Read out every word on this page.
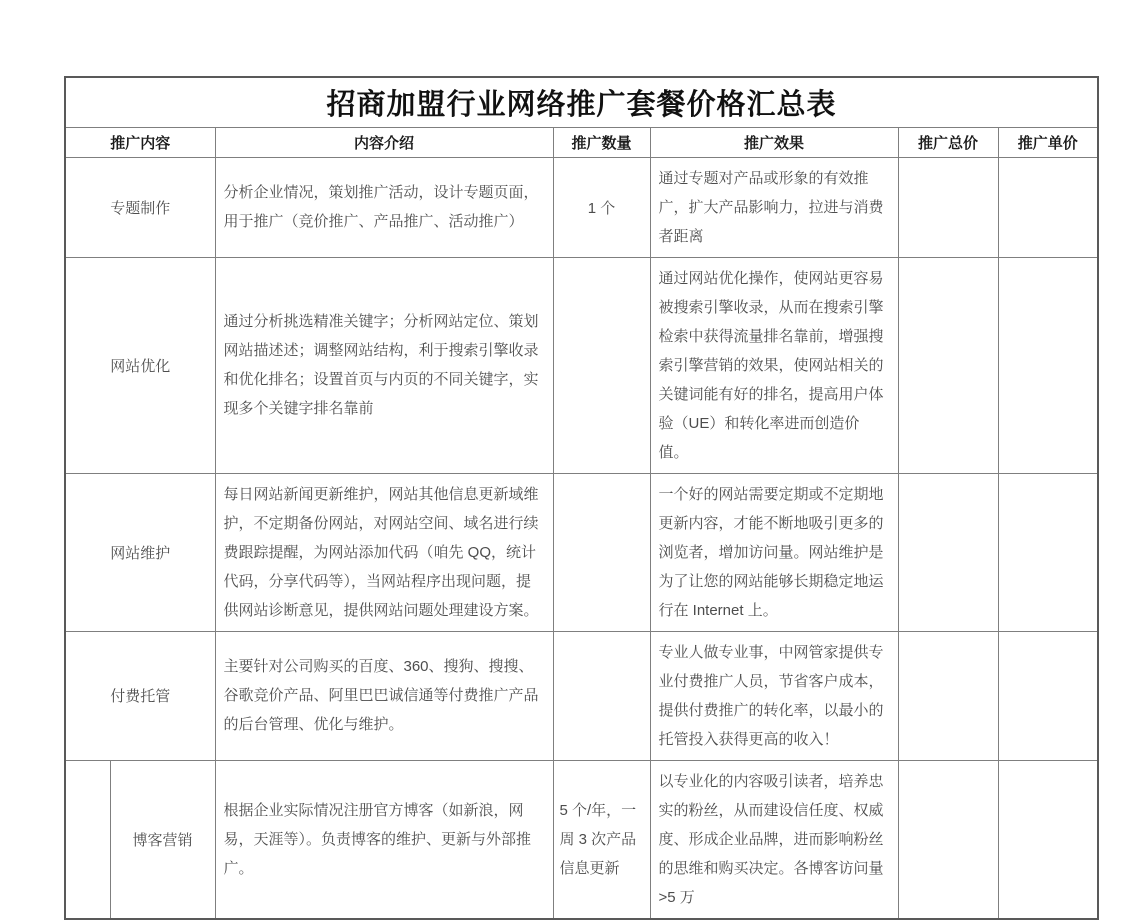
招商加盟行业网络推广套餐价格汇总表						
推广内容		内容介绍	推广数量	推广效果	推广总价	推广单价
专题制作		分析企业情况，策划推广活动，设计专题页面，用于推广（竞价推广、产品推广、活动推广）	1 个	通过专题对产品或形象的有效推广，扩大产品影响力，拉进与消费者距离		
网站优化		通过分析挑选精准关键字；分析网站定位、策划网站描述述；调整网站结构，利于搜索引擎收录和优化排名；设置首页与内页的不同关键字，实现多个关键字排名靠前		通过网站优化操作，使网站更容易被搜索引擎收录，从而在搜索引擎检索中获得流量排名靠前，增强搜索引擎营销的效果，使网站相关的关键词能有好的排名，提高用户体验（UE）和转化率进而创造价值。		
网站维护		每日网站新闻更新维护，网站其他信息更新域维护，不定期备份网站，对网站空间、域名进行续费跟踪提醒，为网站添加代码（咱先 QQ，统计代码，分享代码等），当网站程序出现问题，提供网站诊断意见，提供网站问题处理建设方案。		一个好的网站需要定期或不定期地更新内容，才能不断地吸引更多的浏览者，增加访问量。网站维护是为了让您的网站能够长期稳定地运行在 Internet 上。		
付费托管		主要针对公司购买的百度、360、搜狗、搜搜、谷歌竞价产品、阿里巴巴诚信通等付费推广产品的后台管理、优化与维护。		专业人做专业事，中网管家提供专业付费推广人员，节省客户成本，提供付费推广的转化率，以最小的托管投入获得更高的收入！		
	博客营销	根据企业实际情况注册官方博客（如新浪，网易，天涯等）。负责博客的维护、更新与外部推广。	5 个/年，一周 3 次产品信息更新	以专业化的内容吸引读者，培养忠实的粉丝，从而建设信任度、权威度、形成企业品牌，进而影响粉丝的思维和购买决定。各博客访问量>5 万		
